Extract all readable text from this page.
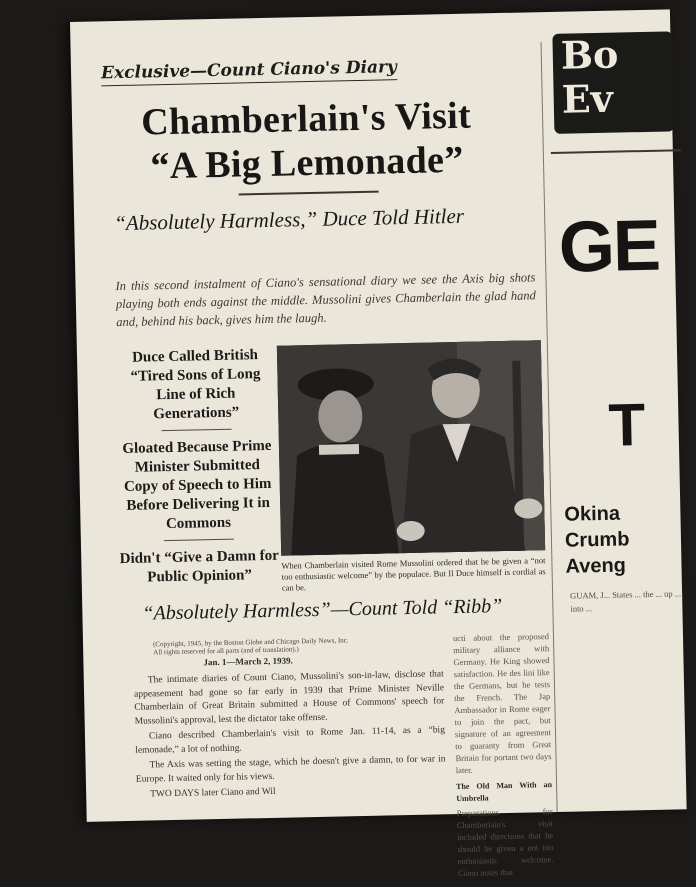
Exclusive—Count Ciano's Diary
Chamberlain's Visit
“A Big Lemonade”
“Absolutely Harmless,” Duce Told Hitler
In this second instalment of Ciano's sensational diary we see the Axis big shots playing both ends against the middle. Mussolini gives Chamberlain the glad hand and, behind his back, gives him the laugh.
Duce Called British “Tired Sons of Long Line of Rich Generations”
Gloated Because Prime Minister Submitted Copy of Speech to Him Before Delivering It in Commons
Didn't “Give a Damn for Public Opinion”
When Chamberlain visited Rome Mussolini ordered that he be given a “not too enthusiastic welcome” by the populace. But Il Duce himself is cordial as can be.
“Absolutely Harmless”—Count Told “Ribb”
(Copyright, 1945, by the Boston Globe and Chicago Daily News, Inc. All rights reserved for all parts (and of translation).)
Jan. 1—March 2, 1939.

The intimate diaries of Count Ciano, Mussolini's son-in-law, disclose that appeasement had gone so far early in 1939 that Prime Minister Neville Chamberlain of Great Britain submitted a House of Commons' speech for Mussolini's approval, lest the dictator take offense.

Ciano described Chamberlain's visit to Rome Jan. 11-14, as a “big lemonade,” a lot of nothing.

The Axis was setting the stage, which he doesn't give a damn, to for war in Europe. It waited only for his views.

TWO DAYS later Ciano and Wil

ucti about the proposed military alliance with Germany. He King showed satisfaction. He des lini like the Germans, but he tests the French. The Jap Ambassador in Rome eager to join the pact, but signature of an agreement to guaranty from Great Britain for portant two days later.
The Old Man With an Umbrella
Preparations for Chamberlain's visit included directions that he should be given a not too enthusiastic welcome. Ciano notes that
Bo
Ev
GE
T
Okina
Crumb
Aveng
GUAM, J... States ... the ... up ... into ...
